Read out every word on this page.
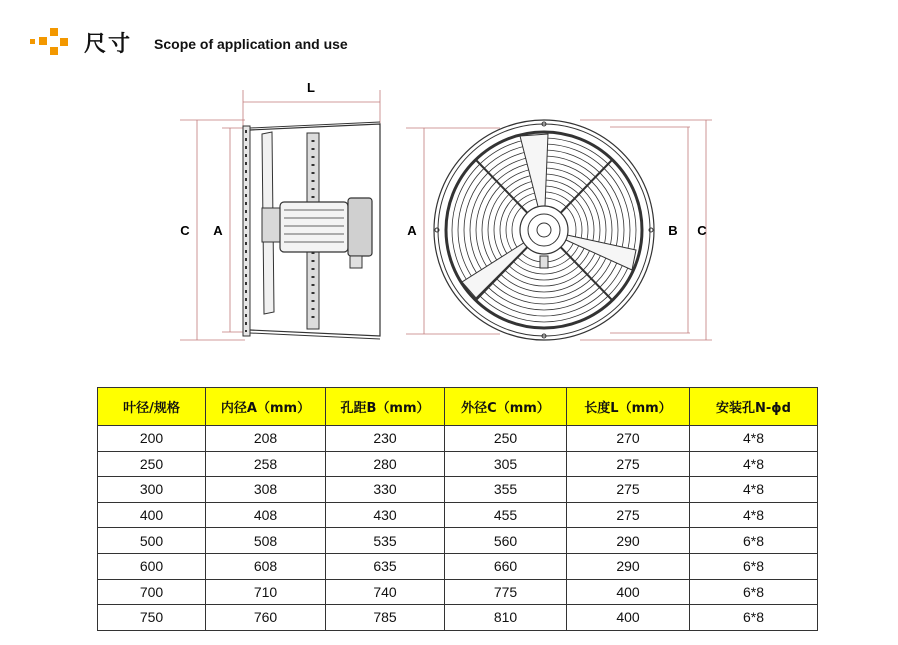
尺寸 Scope of application and use
L
C A	A	B C
叶径/规格	内径A（mm）	孔距B（mm）	外径C（mm）	长度L（mm）	安装孔N-ϕd
200	208	230	250	270	4*8
250	258	280	305	275	4*8
300	308	330	355	275	4*8
400	408	430	455	275	4*8
500	508	535	560	290	6*8
600	608	635	660	290	6*8
700	710	740	775	400	6*8
750	760	785	810	400	6*8
